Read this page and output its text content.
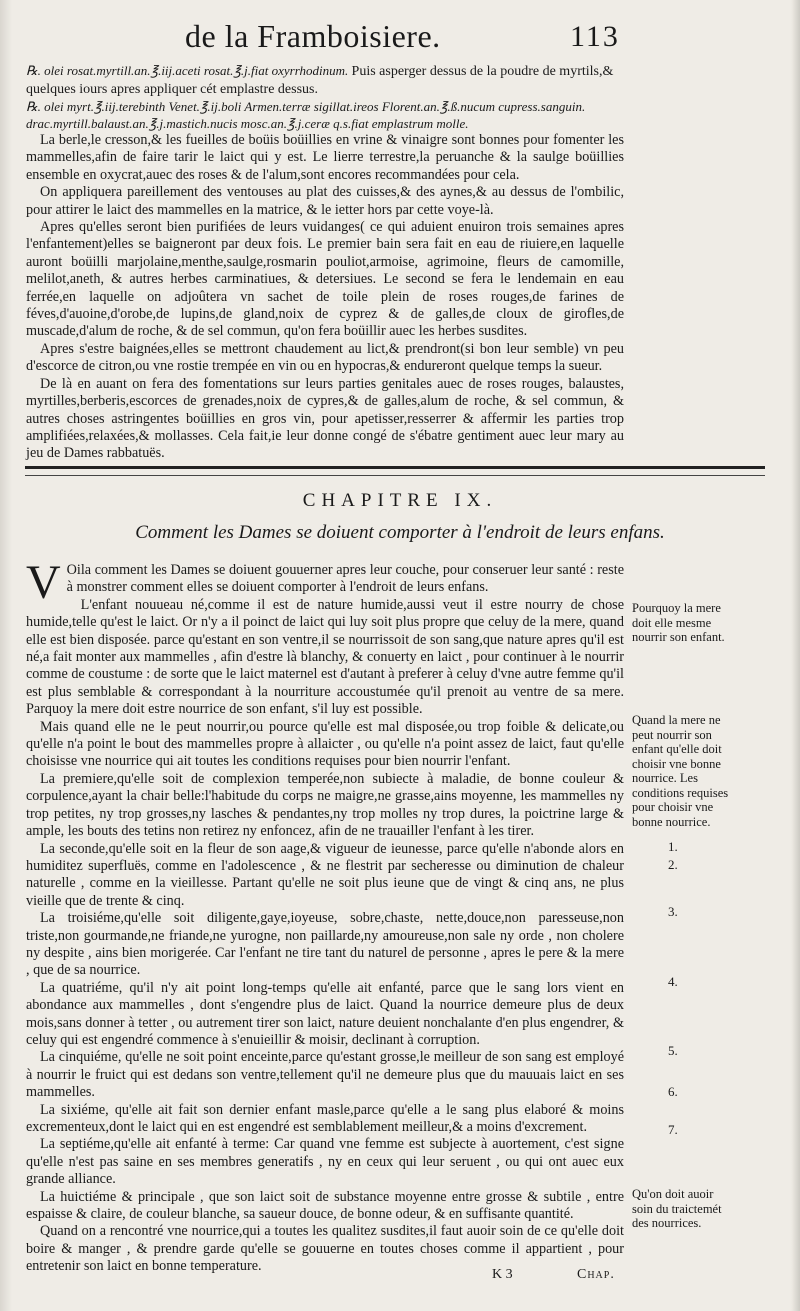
de la Framboisiere.	113

℞. olei rosat.myrtill.an.℥.iij.aceti rosat.℥.j.fiat oxyrrhodinum. Puis asperger dessus de la poudre de myrtils,& quelques iours apres appliquer cét emplastre dessus.

℞. olei myrt.℥.iij.terebinth Venet.℥.ij.boli Armen.terræ sigillat.ireos Florent.an.℥.ß.nucum cupress.sanguin. drac.myrtill.balaust.an.℥.j.mastich.nucis mosc.an.℥.j.ceræ q.s.fiat emplastrum molle.

La berle,le cresson,& les fueilles de boüis boüillies en vrine & vinaigre sont bonnes pour fomenter les mammelles,afin de faire tarir le laict qui y est. Le lierre terrestre,la peruanche & la saulge boüillies ensemble en oxycrat,auec des roses & de l'alum,sont encores recommandées pour cela.

On appliquera pareillement des ventouses au plat des cuisses,& des aynes,& au dessus de l'ombilic, pour attirer le laict des mammelles en la matrice, & le ietter hors par cette voye-là.

Apres qu'elles seront bien purifiées de leurs vuidanges( ce qui aduient enuiron trois semaines apres l'enfantement)elles se baigneront par deux fois. Le premier bain sera fait en eau de riuiere,en laquelle auront boüilli marjolaine,menthe,saulge,rosmarin pouliot,armoise, agrimoine, fleurs de camomille, melilot,aneth, & autres herbes carminatiues, & detersiues. Le second se fera le lendemain en eau ferrée,en laquelle on adjoûtera vn sachet de toile plein de roses rouges,de farines de féves,d'auoine,d'orobe,de lupins,de gland,noix de cyprez & de galles,de cloux de girofles,de muscade,d'alum de roche, & de sel commun, qu'on fera boüillir auec les herbes susdites.

Apres s'estre baignées,elles se mettront chaudement au lict,& prendront(si bon leur semble) vn peu d'escorce de citron,ou vne rostie trempée en vin ou en hypocras,& endureront quelque temps la sueur.

De là en auant on fera des fomentations sur leurs parties genitales auec de roses rouges, balaustes, myrtilles,berberis,escorces de grenades,noix de cypres,& de galles,alum de roche, & sel commun, & autres choses astringentes boüillies en gros vin, pour apetisser,resserrer & affermir les parties trop amplifiées,relaxées,& mollasses. Cela fait,ie leur donne congé de s'ébatre gentiment auec leur mary au jeu de Dames rabbatuës.

CHAPITRE IX.
Comment les Dames se doiuent comporter à l'endroit de leurs enfans.

V Oila comment les Dames se doiuent gouuerner apres leur couche, pour conseruer leur santé : reste à monstrer comment elles se doiuent comporter à l'endroit de leurs enfans.

L'enfant nouueau né,comme il est de nature humide,aussi veut il estre nourry de chose humide,telle qu'est le laict. Or n'y a il poinct de laict qui luy soit plus propre que celuy de la mere, quand elle est bien disposée. parce qu'estant en son ventre,il se nourrissoit de son sang,que nature apres qu'il est né,a fait monter aux mammelles , afin d'estre là blanchy, & conuerty en laict , pour continuer à le nourrir comme de coustume : de sorte que le laict maternel est d'autant à preferer à celuy d'vne autre femme qu'il est plus semblable & correspondant à la nourriture accoustumée qu'il prenoit au ventre de sa mere. Parquoy la mere doit estre nourrice de son enfant, s'il luy est possible.

Mais quand elle ne le peut nourrir,ou pource qu'elle est mal disposée,ou trop foible & delicate,ou qu'elle n'a point le bout des mammelles propre à allaicter , ou qu'elle n'a point assez de laict, faut qu'elle choisisse vne nourrice qui ait toutes les conditions requises pour bien nourrir l'enfant.

La premiere,qu'elle soit de complexion temperée,non subiecte à maladie, de bonne couleur & corpulence,ayant la chair belle:l'habitude du corps ne maigre,ne grasse,ains moyenne, les mammelles ny trop petites, ny trop grosses,ny lasches & pendantes,ny trop molles ny trop dures, la poictrine large & ample, les bouts des tetins non retirez ny enfoncez, afin de ne trauailler l'enfant à les tirer.

La seconde,qu'elle soit en la fleur de son aage,& vigueur de ieunesse, parce qu'elle n'abonde alors en humiditez superfluës, comme en l'adolescence , & ne flestrit par secheresse ou diminution de chaleur naturelle , comme en la vieillesse. Partant qu'elle ne soit plus ieune que de vingt & cinq ans, ne plus vieille que de trente & cinq.

La troisiéme,qu'elle soit diligente,gaye,ioyeuse, sobre,chaste, nette,douce,non paresseuse,non triste,non gourmande,ne friande,ne yurogne, non paillarde,ny amoureuse,non sale ny orde , non cholere ny despite , ains bien morigerée. Car l'enfant ne tire tant du naturel de personne , apres le pere & la mere , que de sa nourrice.

La quatriéme, qu'il n'y ait point long-temps qu'elle ait enfanté, parce que le sang lors vient en abondance aux mammelles , dont s'engendre plus de laict. Quand la nourrice demeure plus de deux mois,sans donner à tetter , ou autrement tirer son laict, nature deuient nonchalante d'en plus engendrer, & celuy qui est engendré commence à s'enuieillir & moisir, declinant à corruption.

La cinquiéme, qu'elle ne soit point enceinte,parce qu'estant grosse,le meilleur de son sang est employé à nourrir le fruict qui est dedans son ventre,tellement qu'il ne demeure plus que du mauuais laict en ses mammelles.

La sixiéme, qu'elle ait fait son dernier enfant masle,parce qu'elle a le sang plus elaboré & moins excrementeux,dont le laict qui en est engendré est semblablement meilleur,& a moins d'excrement.

La septiéme,qu'elle ait enfanté à terme: Car quand vne femme est subjecte à auortement, c'est signe qu'elle n'est pas saine en ses membres generatifs , ny en ceux qui leur seruent , ou qui ont auec eux grande alliance.

La huictiéme & principale , que son laict soit de substance moyenne entre grosse & subtile , entre espaisse & claire, de couleur blanche, sa saueur douce, de bonne odeur, & en suffisante quantité.

Quand on a rencontré vne nourrice,qui a toutes les qualitez susdites,il faut auoir soin de ce qu'elle doit boire & manger , & prendre garde qu'elle se gouuerne en toutes choses comme il appartient , pour entretenir son laict en bonne temperature.

Pourquoy la mere doit elle mesme nourrir son enfant.

Quand la mere ne peut nourrir son enfant qu'elle doit choisir vne bonne nourrice. Les conditions requises pour choisir vne bonne nourrice.

Qu'on doit auoir soin du traictemét des nourrices.

1.
2.
3.
4.
5.
6.
7.
K 3	Chap.
